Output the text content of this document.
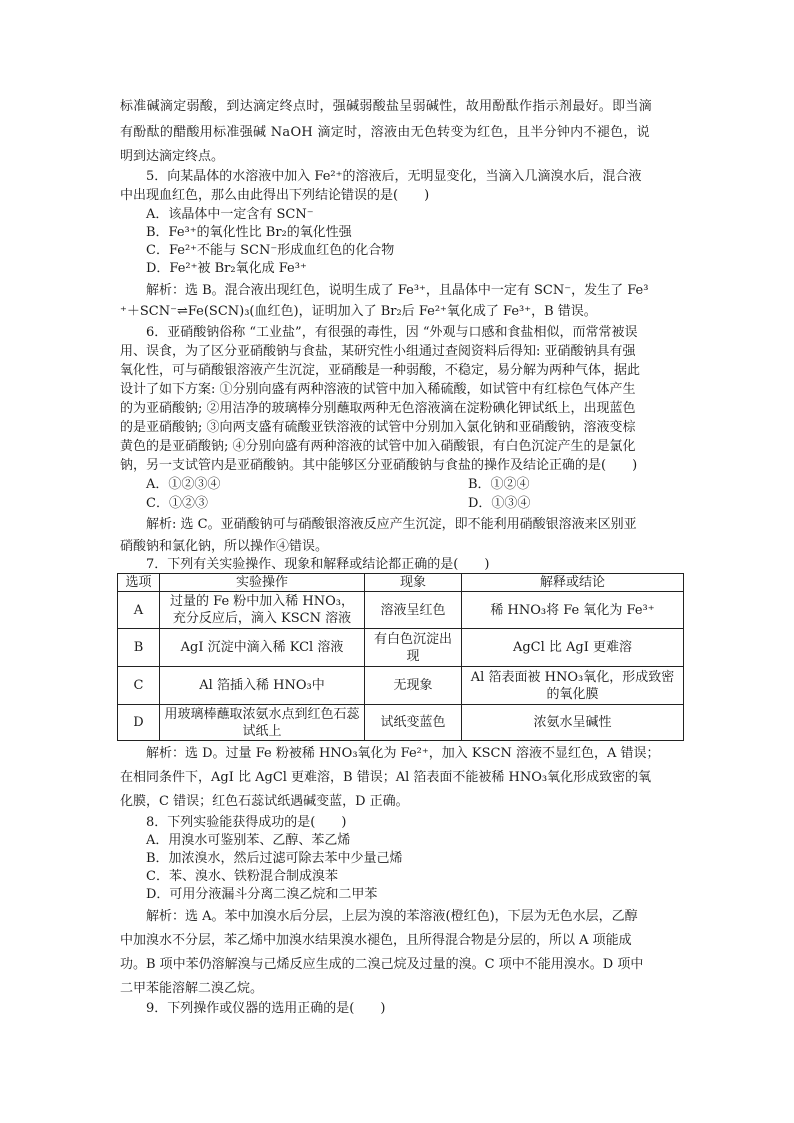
标准碱滴定弱酸，到达滴定终点时，强碱弱酸盐呈弱碱性，故用酚酞作指示剂最好。即当滴
有酚酞的醋酸用标准强碱 NaOH 滴定时，溶液由无色转变为红色，且半分钟内不褪色，说
明到达滴定终点。
5．向某晶体的水溶液中加入 Fe²⁺的溶液后，无明显变化，当滴入几滴溴水后，混合液
中出现血红色，那么由此得出下列结论错误的是(　　)
A．该晶体中一定含有 SCN⁻
B．Fe³⁺的氧化性比 Br₂的氧化性强
C．Fe²⁺不能与 SCN⁻形成血红色的化合物
D．Fe²⁺被 Br₂氧化成 Fe³⁺
解析：选 B。混合液出现红色，说明生成了 Fe³⁺，且晶体中一定有 SCN⁻，发生了 Fe³
⁺＋SCN⁻⇌Fe(SCN)₃(血红色)，证明加入了 Br₂后 Fe²⁺氧化成了 Fe³⁺，B 错误。
6．亚硝酸钠俗称 “工业盐”，有很强的毒性，因 “外观与口感和食盐相似，而常常被误
用、误食，为了区分亚硝酸钠与食盐，某研究性小组通过查阅资料后得知: 亚硝酸钠具有强
氧化性，可与硝酸银溶液产生沉淀，亚硝酸是一种弱酸，不稳定，易分解为两种气体，据此
设计了如下方案: ①分别向盛有两种溶液的试管中加入稀硫酸，如试管中有红棕色气体产生
的为亚硝酸钠; ②用洁净的玻璃棒分别蘸取两种无色溶液滴在淀粉碘化钾试纸上，出现蓝色
的是亚硝酸钠; ③向两支盛有硫酸亚铁溶液的试管中分别加入氯化钠和亚硝酸钠，溶液变棕
黄色的是亚硝酸钠; ④分别向盛有两种溶液的试管中加入硝酸银，有白色沉淀产生的是氯化
钠，另一支试管内是亚硝酸钠。其中能够区分亚硝酸钠与食盐的操作及结论正确的是(　　)
A．①②③④	B．①②④
C．①②③	D．①③④
解析: 选 C。亚硝酸钠可与硝酸银溶液反应产生沉淀，即不能利用硝酸银溶液来区别亚
硝酸钠和氯化钠，所以操作④错误。
7．下列有关实验操作、现象和解释或结论都正确的是(　　)
选项	实验操作	现象	解释或结论
A	过量的 Fe 粉中加入稀 HNO₃，充分反应后，滴入 KSCN 溶液	溶液呈红色	稀 HNO₃将 Fe 氧化为 Fe³⁺
B	AgI 沉淀中滴入稀 KCl 溶液	有白色沉淀出现	AgCl 比 AgI 更难溶
C	Al 箔插入稀 HNO₃中	无现象	Al 箔表面被 HNO₃氧化，形成致密的氧化膜
D	用玻璃棒蘸取浓氨水点到红色石蕊试纸上	试纸变蓝色	浓氨水呈碱性
解析：选 D。过量 Fe 粉被稀 HNO₃氧化为 Fe²⁺，加入 KSCN 溶液不显红色，A 错误；
在相同条件下，AgI 比 AgCl 更难溶，B 错误；Al 箔表面不能被稀 HNO₃氧化形成致密的氧
化膜，C 错误；红色石蕊试纸遇碱变蓝，D 正确。
8．下列实验能获得成功的是(　　)
A．用溴水可鉴别苯、乙醇、苯乙烯
B．加浓溴水，然后过滤可除去苯中少量己烯
C．苯、溴水、铁粉混合制成溴苯
D．可用分液漏斗分离二溴乙烷和二甲苯
解析：选 A。苯中加溴水后分层，上层为溴的苯溶液(橙红色)，下层为无色水层，乙醇
中加溴水不分层，苯乙烯中加溴水结果溴水褪色，且所得混合物是分层的，所以 A 项能成
功。B 项中苯仍溶解溴与己烯反应生成的二溴己烷及过量的溴。C 项中不能用溴水。D 项中
二甲苯能溶解二溴乙烷。
9．下列操作或仪器的选用正确的是(　　)
